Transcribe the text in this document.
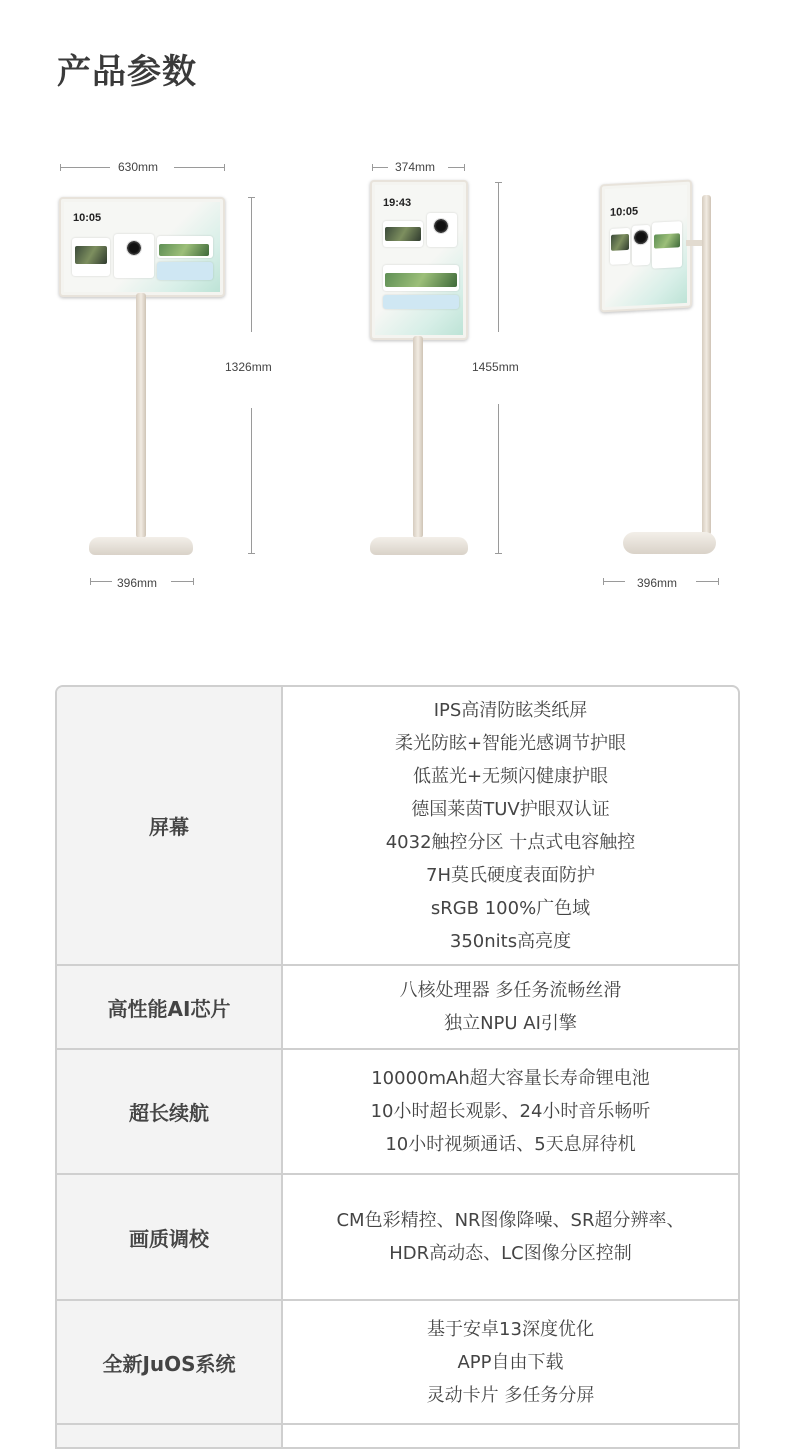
产品参数
630mm
10:05
1326mm
396mm
374mm
19:43
1455mm
10:05
396mm
屏幕
IPS高清防眩类纸屏
柔光防眩+智能光感调节护眼
低蓝光+无频闪健康护眼
德国莱茵TUV护眼双认证
4032触控分区 十点式电容触控
7H莫氏硬度表面防护
sRGB 100%广色域
350nits高亮度
高性能AI芯片
八核处理器 多任务流畅丝滑
独立NPU AI引擎
超长续航
10000mAh超大容量长寿命锂电池
10小时超长观影、24小时音乐畅听
10小时视频通话、5天息屏待机
画质调校
CM色彩精控、NR图像降噪、SR超分辨率、
HDR高动态、LC图像分区控制
全新JuOS系统
基于安卓13深度优化
APP自由下载
灵动卡片 多任务分屏
